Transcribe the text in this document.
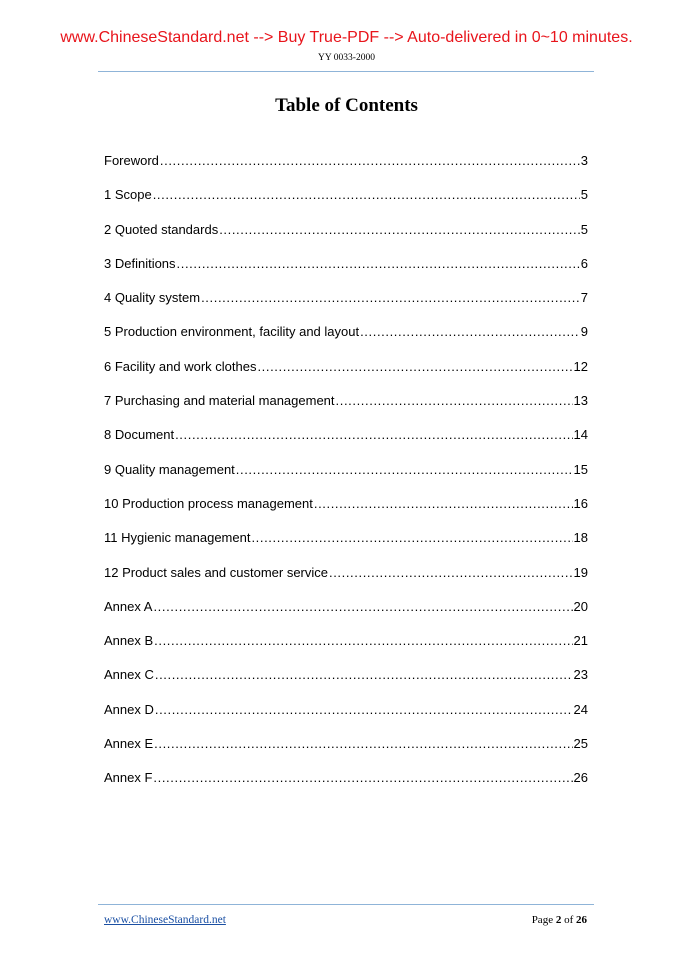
www.ChineseStandard.net --> Buy True-PDF --> Auto-delivered in 0~10 minutes.
YY 0033-2000
Table of Contents
Foreword .....	3
1 Scope .....	5
2 Quoted standards .....	5
3 Definitions .....	6
4 Quality system .....	7
5 Production environment, facility and layout .....	9
6 Facility and work clothes .....	12
7 Purchasing and material management .....	13
8 Document .....	14
9 Quality management .....	15
10 Production process management .....	16
11 Hygienic management .....	18
12 Product sales and customer service .....	19
Annex A .....	20
Annex B .....	21
Annex C .....	23
Annex D .....	24
Annex E .....	25
Annex F .....	26
www.ChineseStandard.net	Page 2 of 26
